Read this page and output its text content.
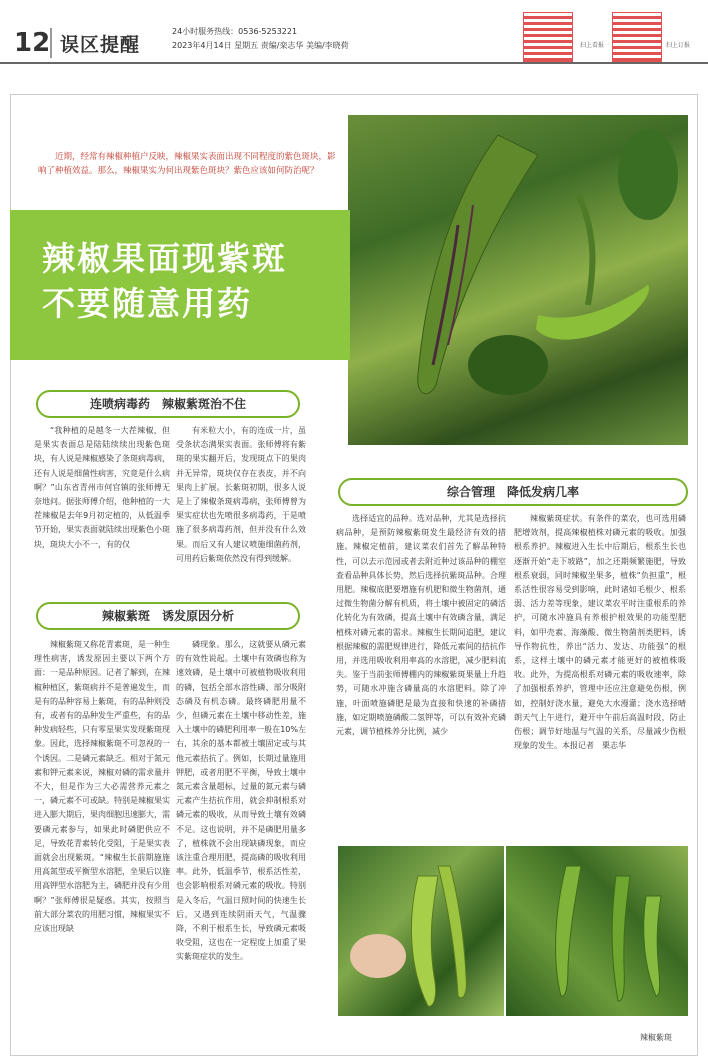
12 误区提醒
24小时服务热线：0536-5253221
2023年4月14日 星期五 责编/栾志华 美编/李晓荷	扫上看报	扫上订报
近期，经常有辣椒种植户反映，辣椒果实表面出现不同程度的紫色斑块，影响了种植效益。那么，辣椒果实为何出现紫色斑块？紫色应该如何防治呢？
辣椒果面现紫斑
不要随意用药
连喷病毒药　辣椒紫斑治不住

“我种植的是越冬一大茬辣椒，但是果实表面总是陆陆续续出现紫色斑块，有人说是辣椒感染了条斑病毒病，还有人说是细菌性病害，究竟是什么病啊？”山东省青州市何官镇的张师傅无奈地问。据张师傅介绍，他种植的一大茬辣椒是去年9月初定植的，从低温季节开始，果实表面就陆续出现紫色小斑块，斑块大小不一，有的仅

有米粒大小，有的连成一片，虽受条状态满果实表面。张师傅将有紫斑的果实翻开后，发现斑点下的果肉并无异常，斑块仅存在表皮，并不向果肉上扩展。长紫斑初期，很多人说是上了辣椒条斑病毒病，张师傅曾为果实症状也先喷很多病毒药，于是喷施了很多病毒药剂，但并没有什么效果。而后又有人建议喷施细菌药剂，可用药后紫斑依然没有得到缓解。

辣椒紫斑　诱发原因分析

辣椒紫斑又称花青素斑，是一种生理性病害，诱发原因主要以下两个方面：一是品种原因。记者了解到，在辣椒种植区，紫斑病并不是普遍发生，而是有的品种容易上紫斑，有的品种则没有，或者有的品种发生严重些，有的品种发病轻些，只有零星果实发现紫斑现象。因此，选择辣椒紫斑不可忽视的一个诱因。二是磷元素缺乏。相对于氮元素和钾元素来说，辣椒对磷的需求量并不大，但是作为三大必需营养元素之一，磷元素不可或缺。特别是辣椒果实进入膨大期后，果肉细胞迅速膨大，需要磷元素参与，如果此时磷肥供应不足，导致花青素转化受阻，于是果实表面就会出现紫斑。“辣椒生长前期施施用高氮型或平衡型水溶肥，坐果后以施用高钾型水溶肥为主，磷肥并没有少用啊？”张师傅很是疑惑。其实，按照当前大部分菜农的用肥习惯，辣椒果实不应该出现缺

磷现象。那么，这就要从磷元素的有效性说起。土壤中有效磷也称为速效磷，是土壤中可被植物吸收利用的磷，包括全部水溶性磷、部分吸附态磷及有机态磷。最终磷肥用量不少，但磷元素在土壤中移动性差，施入土壤中的磷肥利用率一般在10%左右，其余的基本都被土壤固定或与其他元素拮抗了。例如，长期过量施用钾肥，或者用肥不平衡，导致土壤中氮元素含量超标，过量的氮元素与磷元素产生拮抗作用，就会抑制根系对磷元素的吸收，从而导致土壤有效磷不足。这也说明，并不是磷肥用量多了，植株就不会出现缺磷现象，而应该注重合理用肥，提高磷的吸收利用率。此外，低温季节，根系活性差，也会影响根系对磷元素的吸收。特别是入冬后，气温日照时间的快速生长后，又遇到连续阴雨天气，气温骤降，不利于根系生长，导致磷元素吸收受阻，这也在一定程度上加重了果实紫斑症状的发生。

综合管理　降低发病几率

选择适宜的品种。选对品种，尤其是选择抗病品种，是预防辣椒紫斑发生最经济有效的措施。辣椒定植前，建议菜农们首先了解品种特性，可以去示范园或者去附近种过该品种的棚室查看品种具体长势，然后选择抗紫斑品种。合理用肥。辣椒底肥要增施有机肥和微生物菌剂，通过微生物菌分解有机质，将土壤中被固定的磷活化转化为有效磷，提高土壤中有效磷含量，满足植株对磷元素的需求。辣椒生长期间追肥，建议根据辣椒的需肥规律进行，降低元素间的拮抗作用，并选用吸收利用率高的水溶肥，减少肥料流失。鉴于当前张师傅棚内的辣椒紫斑果量上升趋势，可随水冲施含磷量高的水溶肥料。除了冲施，叶面喷施磷肥是最为直接和快速的补磷措施，如定期喷施磷酸二氢钾等，可以有效补充磷元素，调节植株养分比例，减少

辣椒紫斑症状。有条件的菜农，也可选用磷肥增效剂，提高辣椒植株对磷元素的吸收。加强根系养护。辣椒进入生长中后期后，根系生长也逐渐开始“走下坡路”，加之还期频繁施肥，导致根系衰弱，同时辣椒坐果多，植株“负担重”，根系活性很容易受到影响，此时诸如毛根少、根系弱、活力差等现象，建议菜农平时注重根系的养护，可随水冲施具有养根护根效果的功能型肥料，如甲壳素、海藻酸、微生物菌剂类肥料，诱导作物抗性，养出“活力、发达、功能强”的根系，这样土壤中的磷元素才能更好的被植株吸收。此外，为提高根系对磷元素的吸收速率，除了加强根系养护，管理中还应注意避免伤根，例如，控制好浇水量，避免大水漫灌；浇水选择晴朗天气上午进行，避开中午前后高温时段，防止伤根；调节好地温与气温的关系，尽量减少伤根现象的发生。本报记者　栗志华

辣椒紫斑
